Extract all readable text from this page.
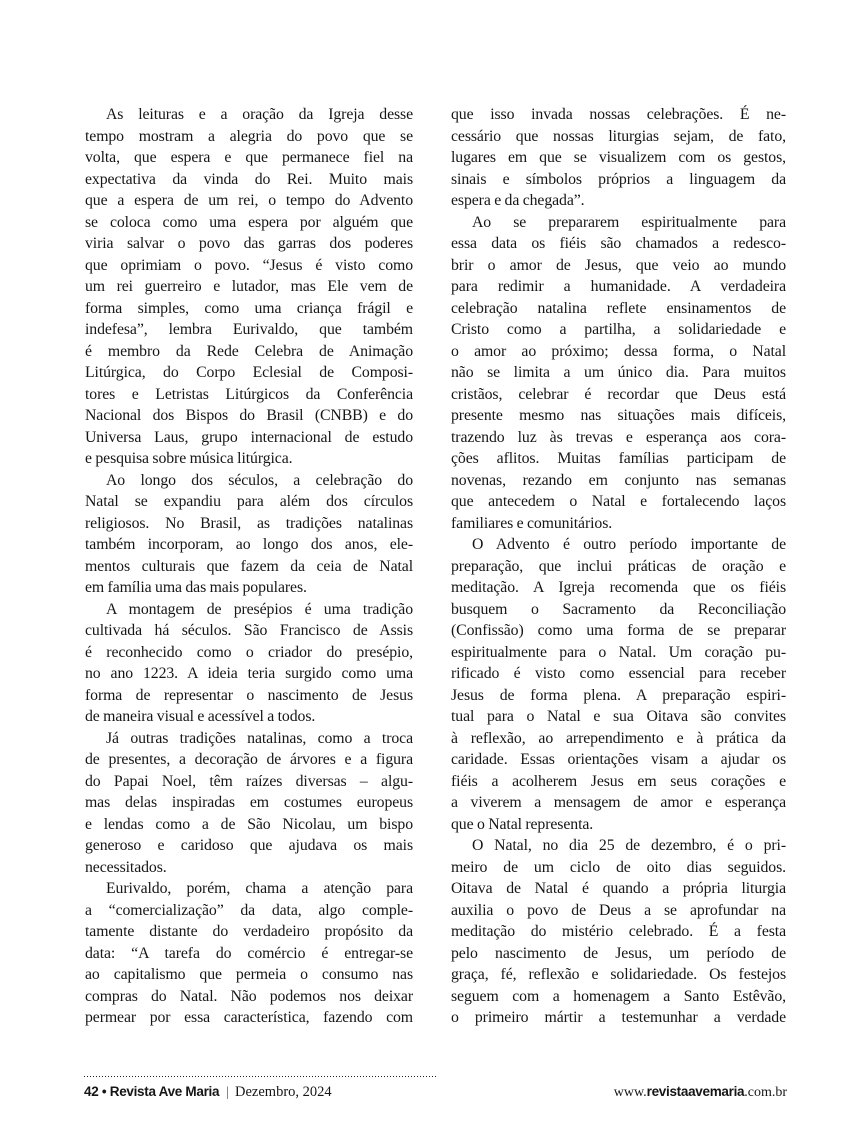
As leituras e a oração da Igreja desse
tempo mostram a alegria do povo que se
volta, que espera e que permanece fiel na
expectativa da vinda do Rei. Muito mais
que a espera de um rei, o tempo do Advento
se coloca como uma espera por alguém que
viria salvar o povo das garras dos poderes
que oprimiam o povo. “Jesus é visto como
um rei guerreiro e lutador, mas Ele vem de
forma simples, como uma criança frágil e
indefesa”, lembra Eurivaldo, que também
é membro da Rede Celebra de Animação
Litúrgica, do Corpo Eclesial de Composi-
tores e Letristas Litúrgicos da Conferência
Nacional dos Bispos do Brasil (CNBB) e do
Universa Laus, grupo internacional de estudo
e pesquisa sobre música litúrgica.
Ao longo dos séculos, a celebração do
Natal se expandiu para além dos círculos
religiosos. No Brasil, as tradições natalinas
também incorporam, ao longo dos anos, ele-
mentos culturais que fazem da ceia de Natal
em família uma das mais populares.
A montagem de presépios é uma tradição
cultivada há séculos. São Francisco de Assis
é reconhecido como o criador do presépio,
no ano 1223. A ideia teria surgido como uma
forma de representar o nascimento de Jesus
de maneira visual e acessível a todos.
Já outras tradições natalinas, como a troca
de presentes, a decoração de árvores e a figura
do Papai Noel, têm raízes diversas – algu-
mas delas inspiradas em costumes europeus
e lendas como a de São Nicolau, um bispo
generoso e caridoso que ajudava os mais
necessitados.
Eurivaldo, porém, chama a atenção para
a “comercialização” da data, algo comple-
tamente distante do verdadeiro propósito da
data: “A tarefa do comércio é entregar-se
ao capitalismo que permeia o consumo nas
compras do Natal. Não podemos nos deixar
permear por essa característica, fazendo com
que isso invada nossas celebrações. É ne-
cessário que nossas liturgias sejam, de fato,
lugares em que se visualizem com os gestos,
sinais e símbolos próprios a linguagem da
espera e da chegada”.
Ao se prepararem espiritualmente para
essa data os fiéis são chamados a redesco-
brir o amor de Jesus, que veio ao mundo
para redimir a humanidade. A verdadeira
celebração natalina reflete ensinamentos de
Cristo como a partilha, a solidariedade e
o amor ao próximo; dessa forma, o Natal
não se limita a um único dia. Para muitos
cristãos, celebrar é recordar que Deus está
presente mesmo nas situações mais difíceis,
trazendo luz às trevas e esperança aos cora-
ções aflitos. Muitas famílias participam de
novenas, rezando em conjunto nas semanas
que antecedem o Natal e fortalecendo laços
familiares e comunitários.
O Advento é outro período importante de
preparação, que inclui práticas de oração e
meditação. A Igreja recomenda que os fiéis
busquem o Sacramento da Reconciliação
(Confissão) como uma forma de se preparar
espiritualmente para o Natal. Um coração pu-
rificado é visto como essencial para receber
Jesus de forma plena. A preparação espiri-
tual para o Natal e sua Oitava são convites
à reflexão, ao arrependimento e à prática da
caridade. Essas orientações visam a ajudar os
fiéis a acolherem Jesus em seus corações e
a viverem a mensagem de amor e esperança
que o Natal representa.
O Natal, no dia 25 de dezembro, é o pri-
meiro de um ciclo de oito dias seguidos.
Oitava de Natal é quando a própria liturgia
auxilia o povo de Deus a se aprofundar na
meditação do mistério celebrado. É a festa
pelo nascimento de Jesus, um período de
graça, fé, reflexão e solidariedade. Os festejos
seguem com a homenagem a Santo Estêvão,
o primeiro mártir a testemunhar a verdade
42 • Revista Ave Maria | Dezembro, 2024	www.revistaavemaria.com.br
